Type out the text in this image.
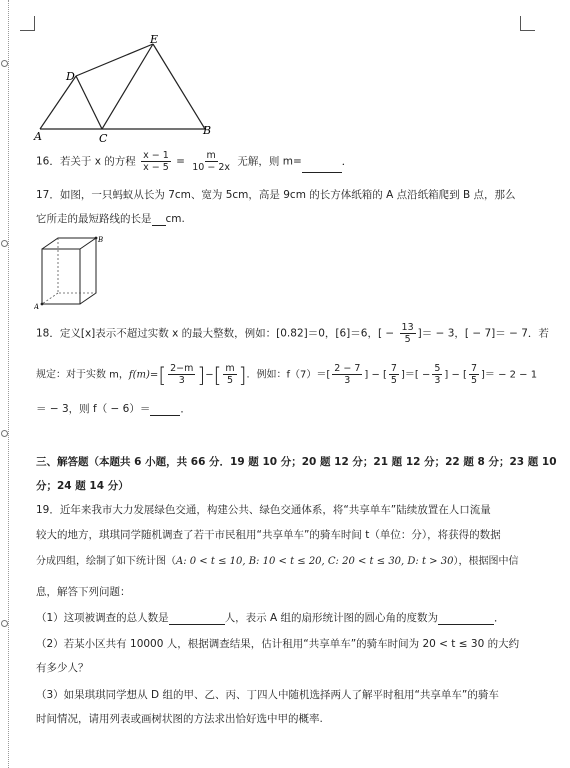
A	C
B
D
E
16．若关于 x 的方程 $\frac{x - 1}{x - 5} = \frac{m}{10 - 2x}$ 无解，则 m=	．
17．如图，一只蚂蚁从长为 7cm、宽为 5cm，高是 9cm 的长方体纸箱的 A 点沿纸箱爬到 B 点，那么
它所走的最短路线的长是 cm.
A
B
18．定义[x]表示不超过实数 x 的最大整数，例如：[0.82]＝0，[6]＝6，[ − $\frac{13}{5}$ ]＝ − 3，[ − 7]＝ − 7．若
规定：对于实数 m，$f(m)=[ \frac{2-m}{3}$ ]−[ $\frac{m}{5}$ ]．例如：$f(7)=[ \frac{2 - 7}{3}$ ] − [ $\frac{7}{5}$ ]＝[ − $\frac{5}{3}$ ] − [ $\frac{7}{5}$ ]＝ − 2 − 1
＝ − 3，则 f（ − 6）＝	．
三、解答题（本题共 6 小题，共 66 分．19 题 10 分；20 题 12 分；21 题 12 分；22 题 8 分；23 题 10
分；24 题 14 分）
19．近年来我市大力发展绿色交通，构建公共、绿色交通体系，将“共享单车”陆续放置在人口流量
较大的地方，琪琪同学随机调查了若干市民租用“共享单车”的骑车时间 t（单位：分），将获得的数据
分成四组，绘制了如下统计图（A: 0 < t ≤ 10, B: 10 < t ≤ 20, C: 20 < t ≤ 30, D: t > 30），根据图中信
息，解答下列问题：
（1）这项被调查的总人数是	人，表示 A 组的扇形统计图的圆心角的度数为	．
（2）若某小区共有 10000 人，根据调查结果，估计租用“共享单车”的骑车时间为 20 < t ≤ 30 的大约
有多少人？
（3）如果琪琪同学想从 D 组的甲、乙、丙、丁四人中随机选择两人了解平时租用“共享单车”的骑车
时间情况，请用列表或画树状图的方法求出恰好选中甲的概率.
